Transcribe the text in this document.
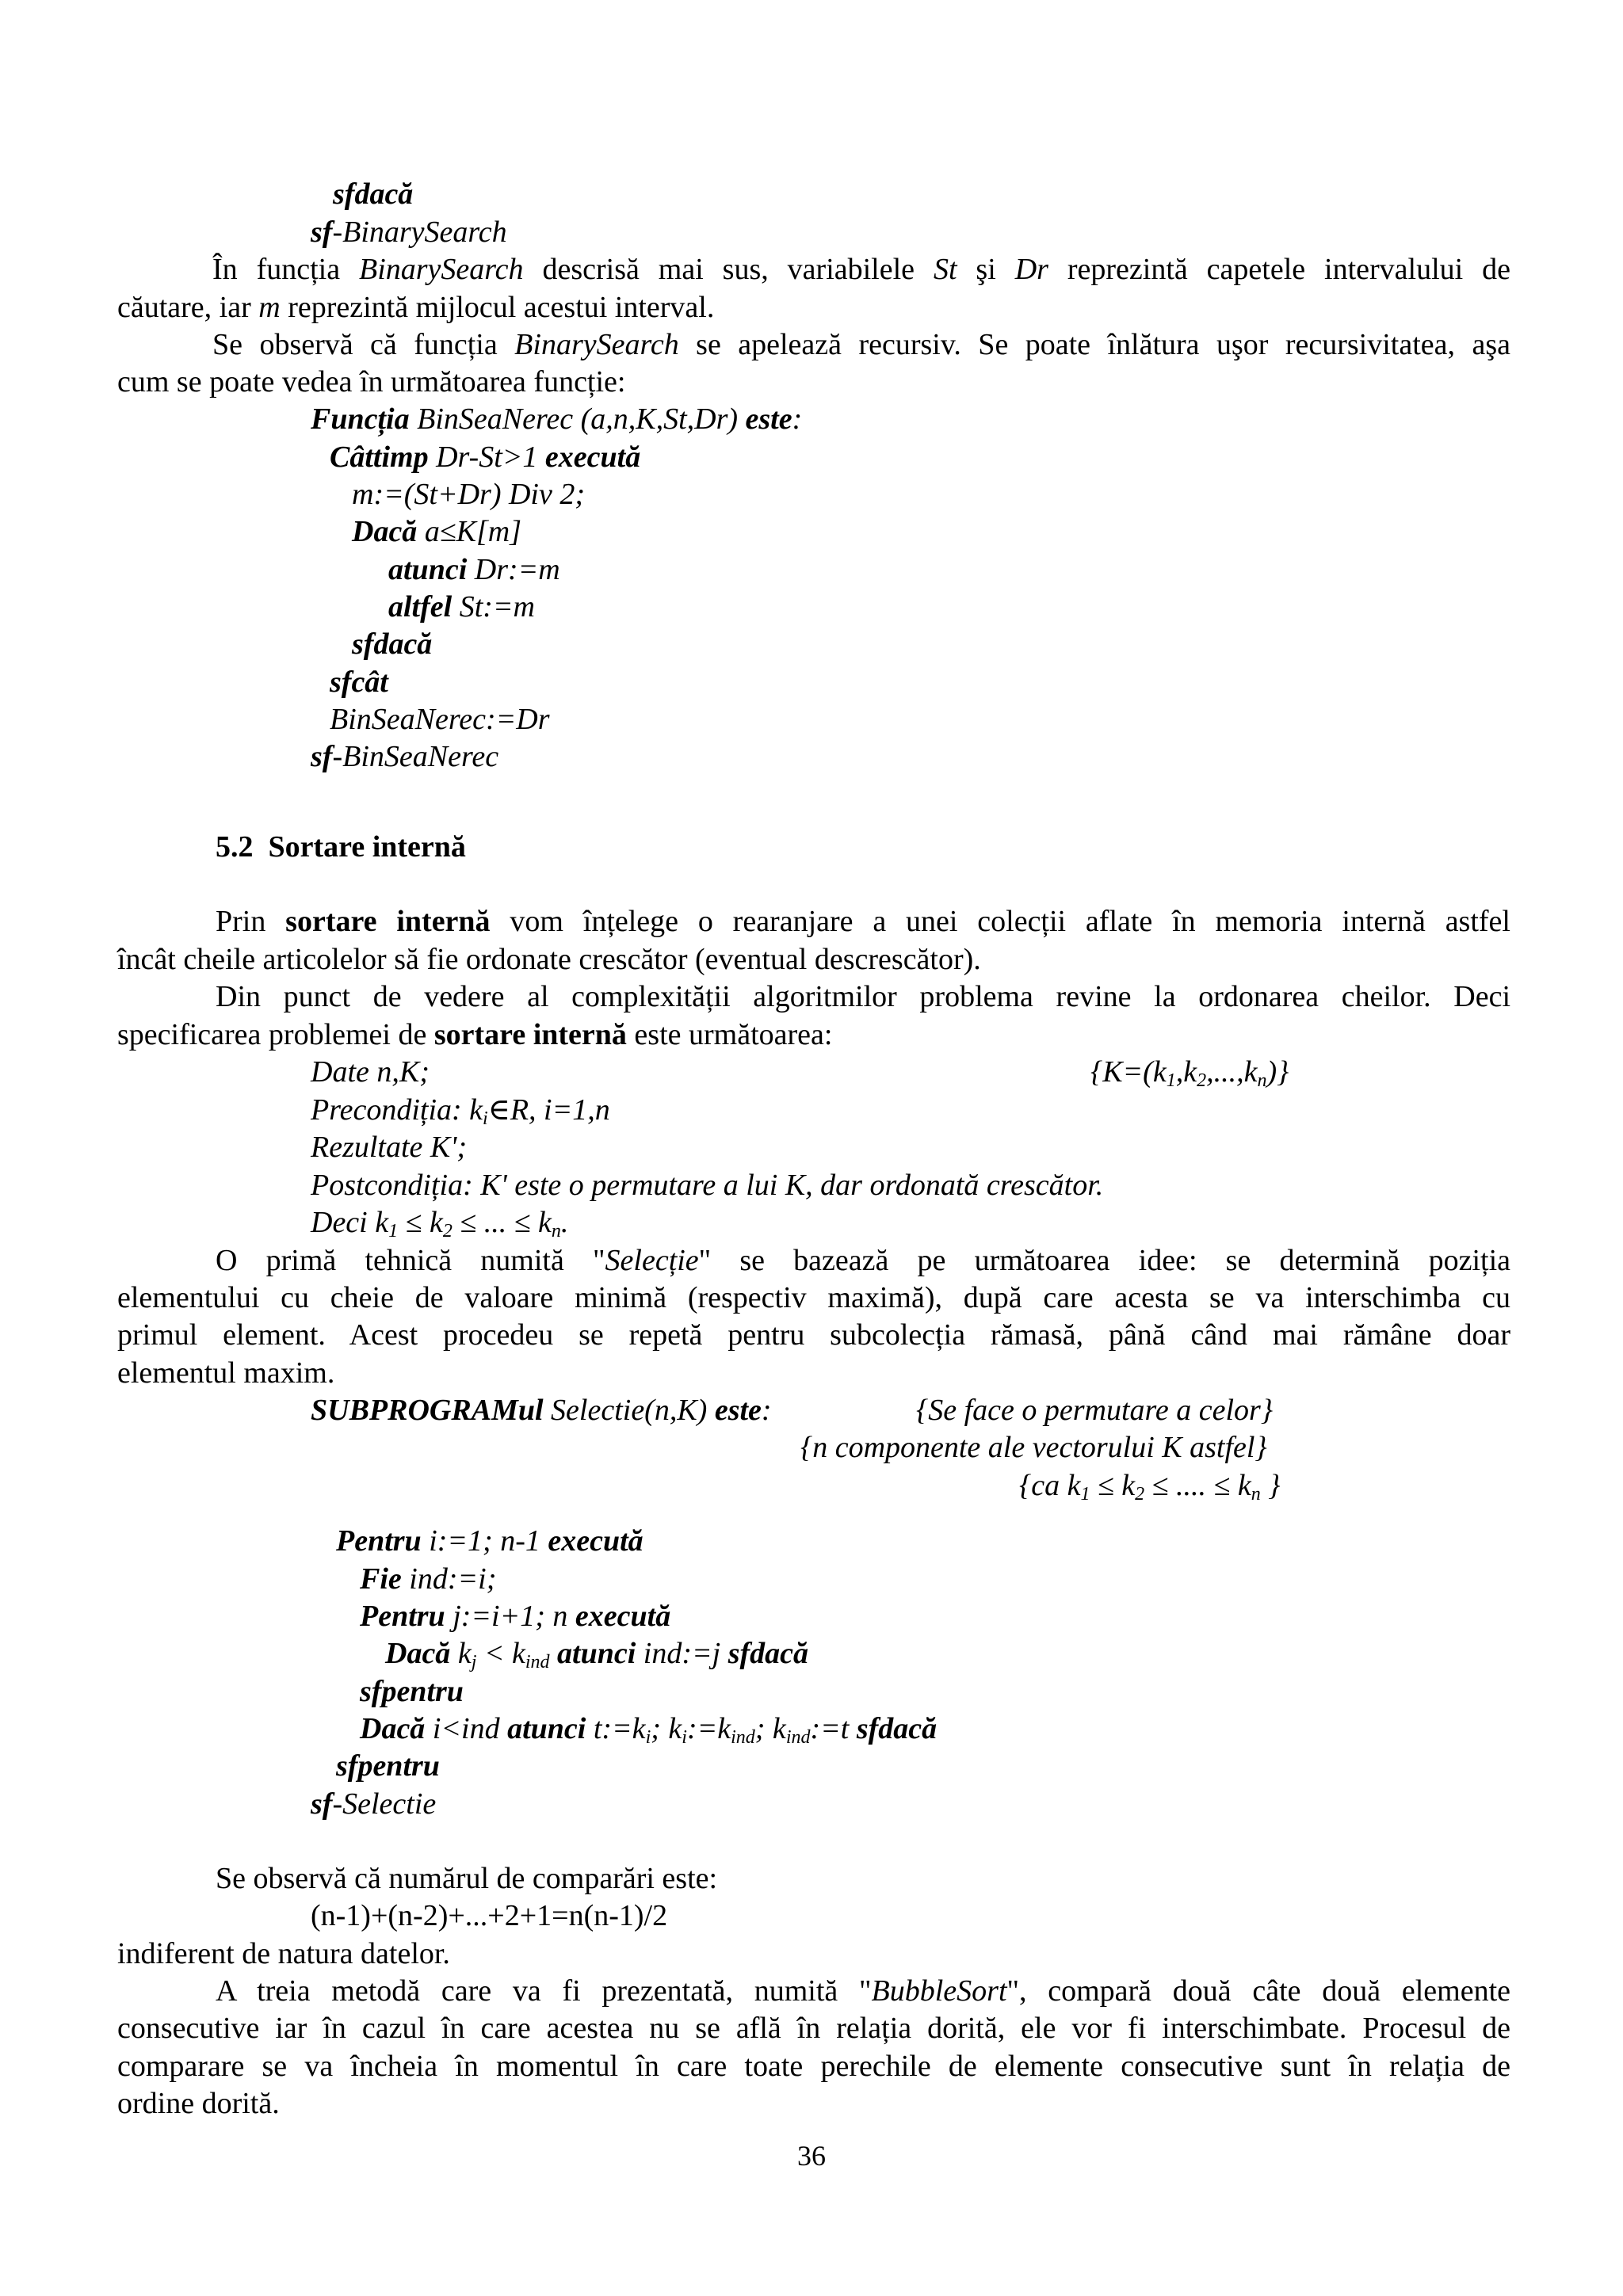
sfdacă
sf-BinarySearch
În funcția BinarySearch descrisă mai sus, variabilele St şi Dr reprezintă capetele intervalului de
căutare, iar m reprezintă mijlocul acestui interval.
Se observă că funcția BinarySearch se apelează recursiv. Se poate înlătura uşor recursivitatea, aşa
cum se poate vedea în următoarea funcție:
Funcția BinSeaNerec (a,n,K,St,Dr) este:
Câttimp Dr-St>1 execută
m:=(St+Dr) Div 2;
Dacă a≤K[m]
atunci Dr:=m
altfel St:=m
sfdacă
sfcât
BinSeaNerec:=Dr
sf-BinSeaNerec
5.2 Sortare internă
Prin sortare internă vom înțelege o rearanjare a unei colecții aflate în memoria internă astfel
încât cheile articolelor să fie ordonate crescător (eventual descrescător).
Din punct de vedere al complexității algoritmilor problema revine la ordonarea cheilor. Deci
specificarea problemei de sortare internă este următoarea:
Date n,K;	$\{K=(k_1,k_2,...,k_n)\}$
Precondiția: $k_i\in R$, i=1,n
Rezultate K';
Postcondiția: K' este o permutare a lui K, dar ordonată crescător.
Deci $k_1 \le k_2$ ≤ ... ≤ $k_n$.
O primă tehnică numită "Selecție" se bazează pe următoarea idee: se determină poziția
elementului cu cheie de valoare minimă (respectiv maximă), după care acesta se va interschimba cu
primul element. Acest procedeu se repetă pentru subcolecția rămasă, până când mai rămâne doar
elementul maxim.
SUBPROGRAMul Selectie(n,K) este:	{Se face o permutare a celor}
{n componente ale vectorului K astfel}
{ca $k_1 \le k_2$ ≤ .... ≤ $k_n$ }
Pentru i:=1; n-1 execută
Fie ind:=i;
Pentru j:=i+1; n execută
Dacă $k_j < k_{ind}$ atunci ind:=j sfdacă
sfpentru
Dacă i<ind atunci $t:=k_i$; $k_i:=k_{ind}$; $k_{ind}:=t$ sfdacă
sfpentru
sf-Selectie
Se observă că numărul de comparări este:
(n-1)+(n-2)+...+2+1=n(n-1)/2
indiferent de natura datelor.
A treia metodă care va fi prezentată, numită "BubbleSort", compară două câte două elemente
consecutive iar în cazul în care acestea nu se află în relația dorită, ele vor fi interschimbate. Procesul de
comparare se va încheia în momentul în care toate perechile de elemente consecutive sunt în relația de
ordine dorită.
36
